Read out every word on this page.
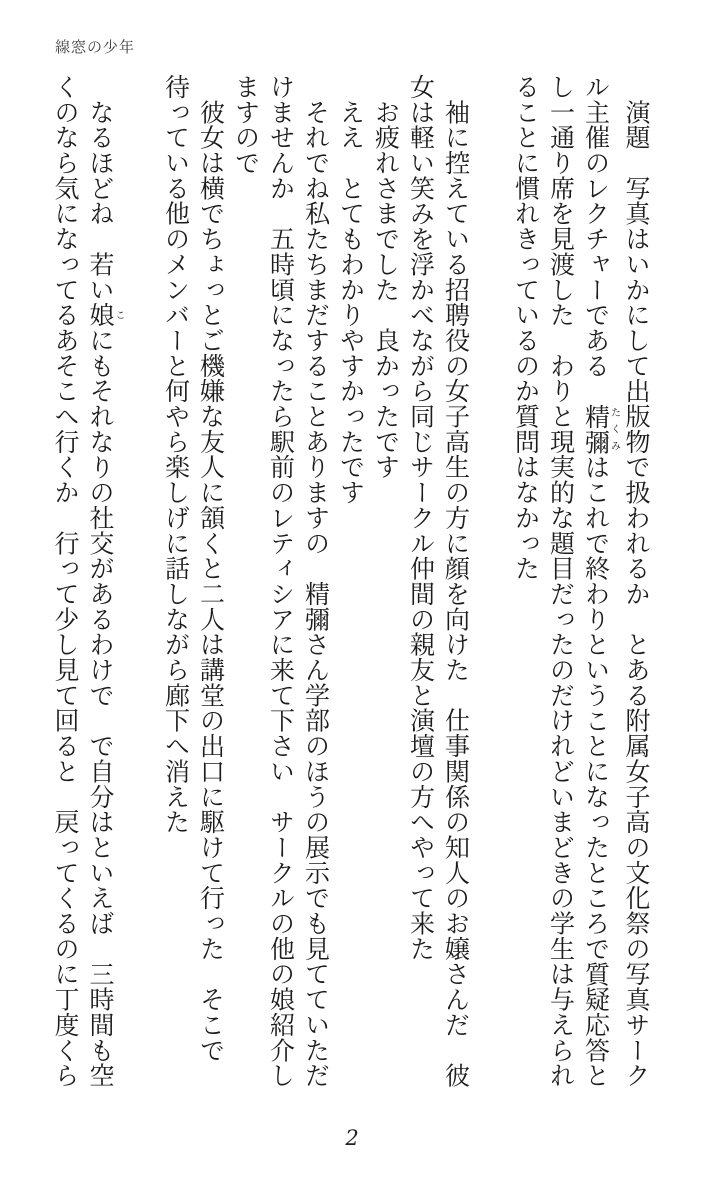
線窓の少年

　演題　写真はいかにして出版物で扱われるか　とある附属女子高の文化祭の写真サーク

ル主催のレクチャーである　精彌たくみはこれで終わりということになったところで質疑応答と

し一通り席を見渡した　わりと現実的な題目だったのだけれどいまどきの学生は与えられ

ることに慣れきっているのか質問はなかった

　袖に控えている招聘役の女子高生の方に顔を向けた　仕事関係の知人のお嬢さんだ　彼

女は軽い笑みを浮かべながら同じサークル仲間の親友と演壇の方へやって来た

　お疲れさまでした　良かったです

　ええ　とてもわかりやすかったです

　それでね私たちまだすることありますの　精彌さん学部のほうの展示でも見てていただ

けませんか　五時頃になったら駅前のレティシアに来て下さい　サークルの他の娘紹介し

ますので

　彼女は横でちょっとご機嫌な友人に頷くと二人は講堂の出口に駆けて行った　そこで

待っている他のメンバーと何やら楽しげに話しながら廊下へ消えた

　なるほどね　若い娘こにもそれなりの社交があるわけで　で自分はといえば　三時間も空

くのなら気になってるあそこへ行くか　行って少し見て回ると　戻ってくるのに丁度くら

2
